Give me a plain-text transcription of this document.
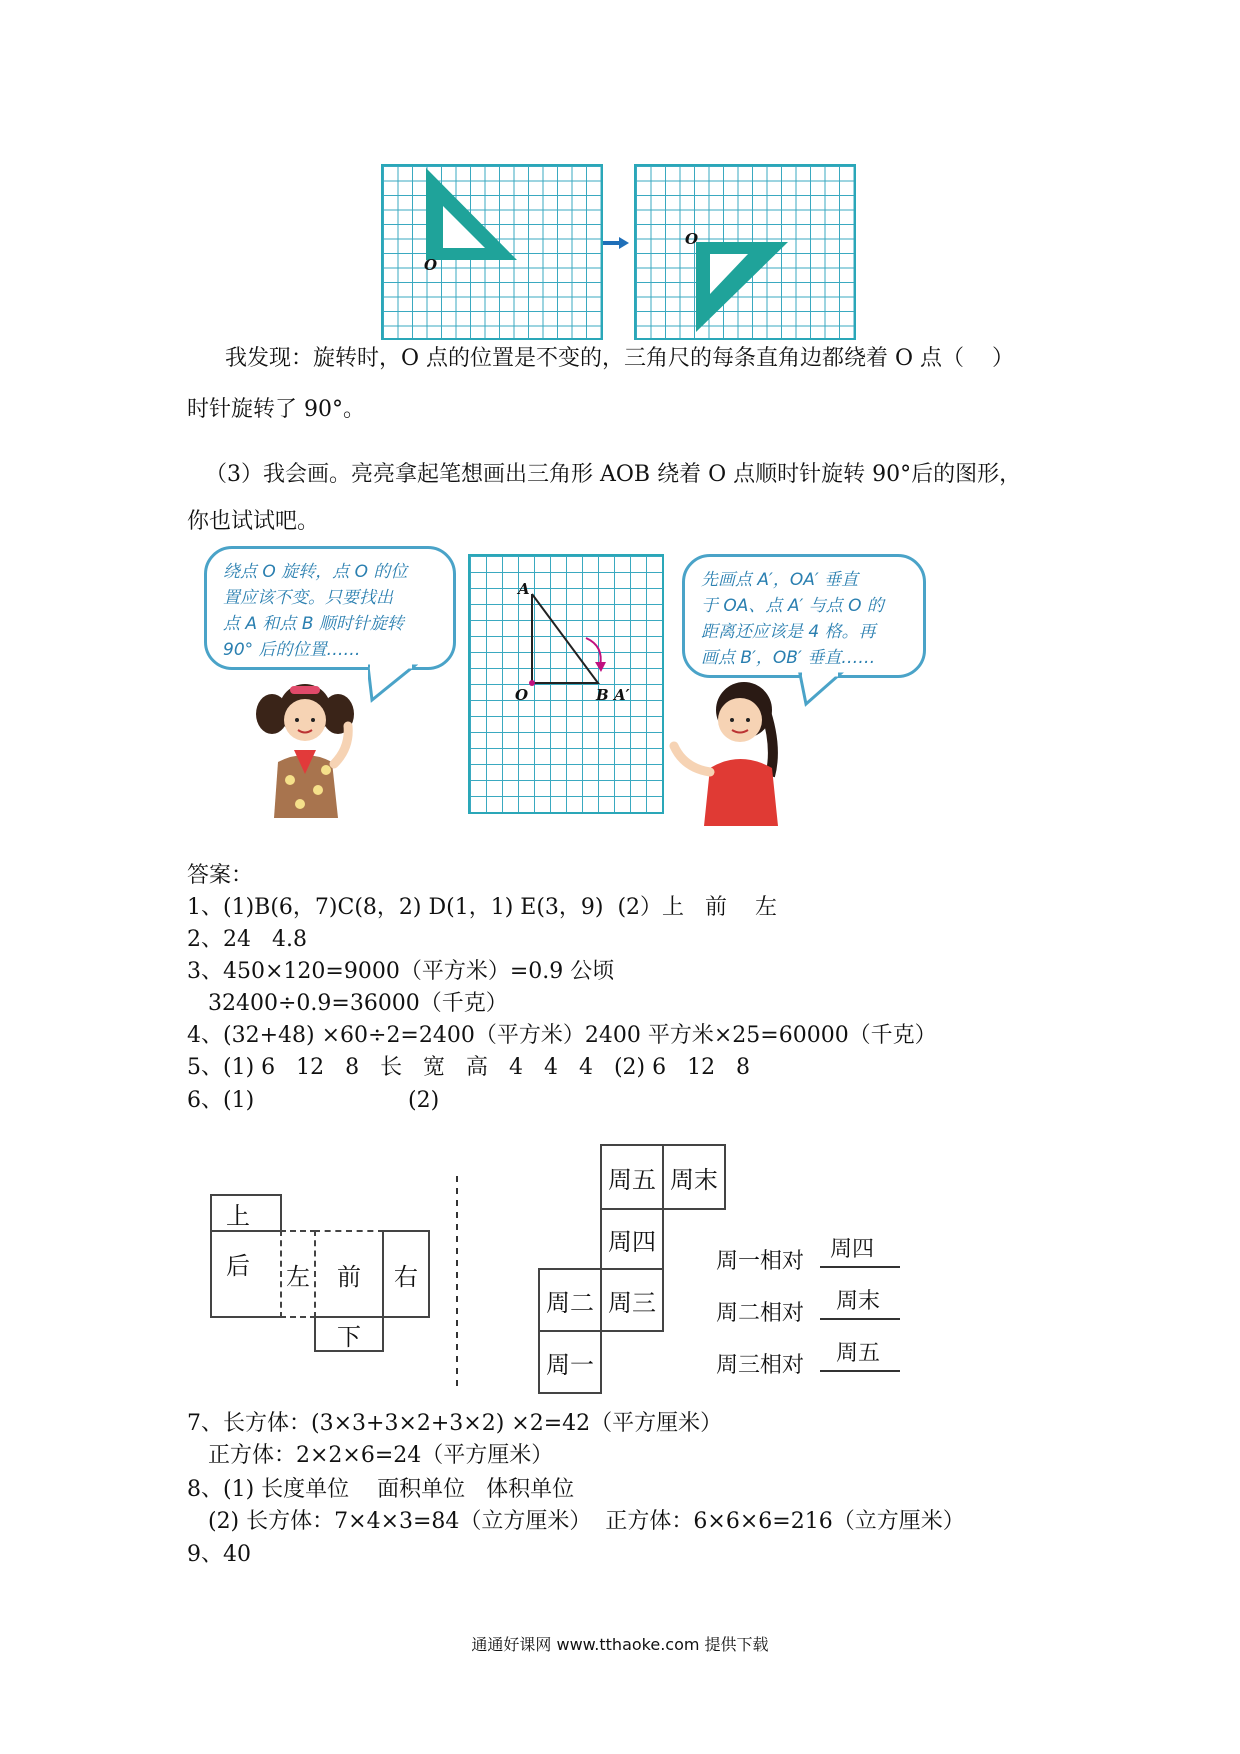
O
O
我发现：旋转时，O 点的位置是不变的，三角尺的每条直角边都绕着 O 点（    ）
时针旋转了 90°。
（3）我会画。亮亮拿起笔想画出三角形 AOB 绕着 O 点顺时针旋转 90°后的图形，
你也试试吧。
绕点 O 旋转，点 O 的位
置应该不变。只要找出
点 A 和点 B 顺时针旋转
90° 后的位置……
A
O	B A′
先画点 A′，OA′ 垂直
于 OA、点 A′ 与点 O 的
距离还应该是 4 格。再
画点 B′，OB′ 垂直……
答案：
1、(1)B(6，7)C(8，2) D(1，1) E(3，9)  (2）上   前    左
2、24   4.8
3、450×120=9000（平方米）=0.9 公顷
32400÷0.9=36000（千克）
4、(32+48) ×60÷2=2400（平方米）2400 平方米×25=60000（千克）
5、(1) 6   12   8   长   宽   高   4   4   4   (2) 6   12   8
6、(1)                      (2)
上
后 左 前 右
下
周五 周末
周四
周二 周三
周一
周一相对 周四
周二相对 周末
周三相对 周五
7、长方体：(3×3+3×2+3×2) ×2=42（平方厘米）
正方体：2×2×6=24（平方厘米）
8、(1) 长度单位    面积单位   体积单位
(2) 长方体：7×4×3=84（立方厘米）  正方体：6×6×6=216（立方厘米）
9、40
通通好课网 www.tthaoke.com 提供下载
